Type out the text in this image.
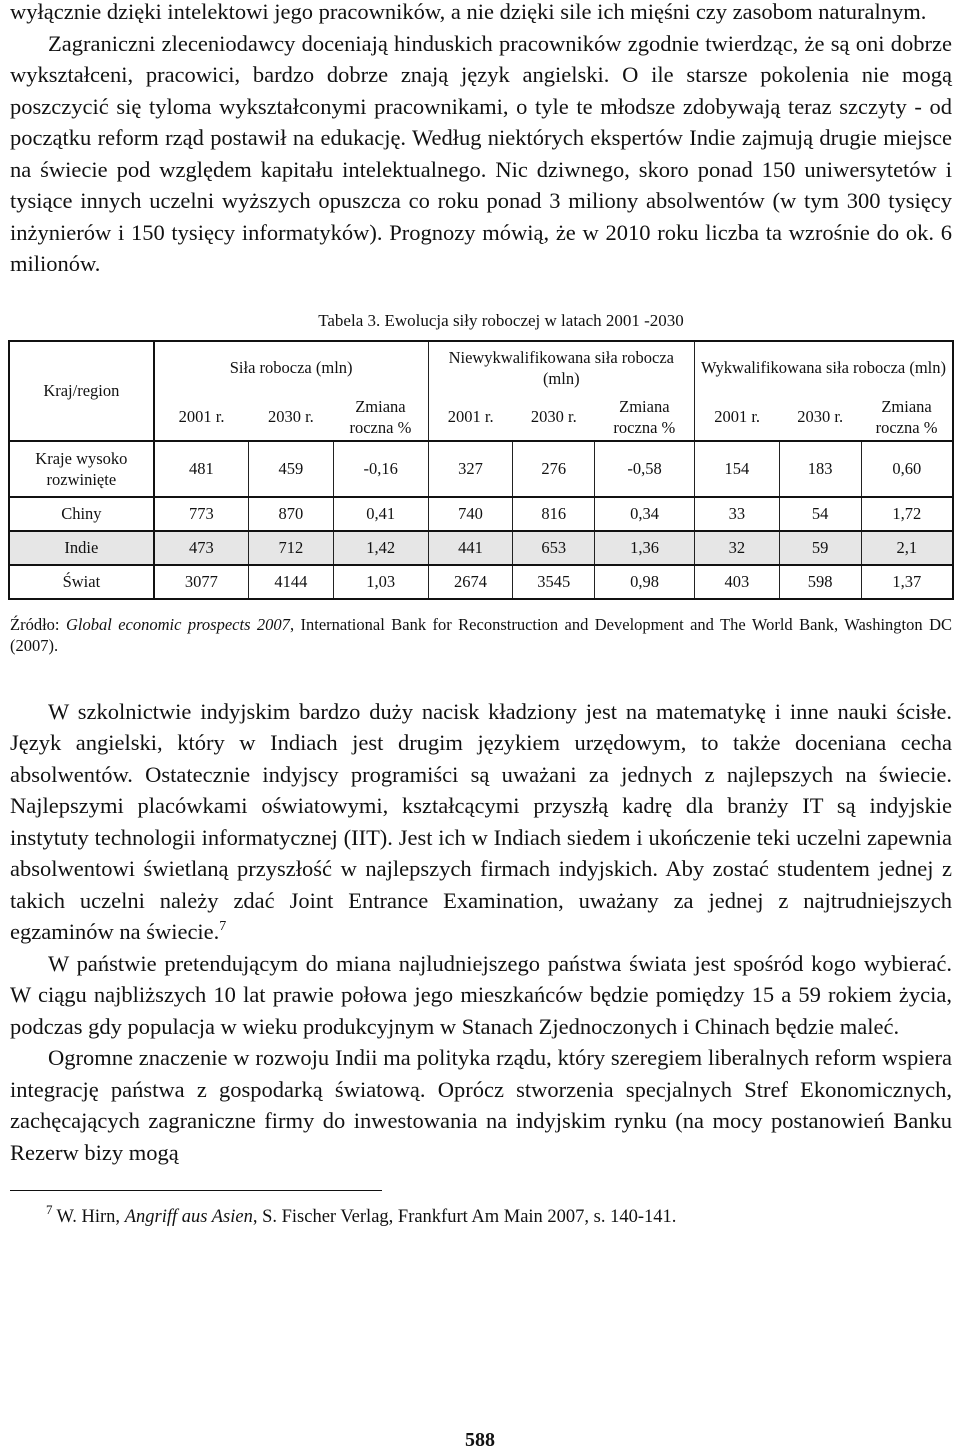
wyłącznie dzięki intelektowi jego pracowników, a nie dzięki sile ich mięśni czy zasobom naturalnym.

Zagraniczni zleceniodawcy doceniają hinduskich pracowników zgodnie twierdząc, że są oni dobrze wykształceni, pracowici, bardzo dobrze znają język angielski. O ile starsze pokolenia nie mogą poszczycić się tyloma wykształconymi pracownikami, o tyle te młodsze zdobywają teraz szczyty - od początku reform rząd postawił na edukację. Według niektórych ekspertów Indie zajmują drugie miejsce na świecie pod względem kapitału intelektualnego. Nic dziwnego, skoro ponad 150 uniwersytetów i tysiące innych uczelni wyższych opuszcza co roku ponad 3 miliony absolwentów (w tym 300 tysięcy inżynierów i 150 tysięcy informatyków). Prognozy mówią, że w 2010 roku liczba ta wzrośnie do ok. 6 milionów.

Tabela 3. Ewolucja siły roboczej w latach 2001 -2030
Kraj/region	Siła robocza (mln)			Niewykwalifikowana siła robocza (mln)			Wykwalifikowana siła robocza (mln)		
	2001 r.	2030 r.	Zmiana roczna %	2001 r.	2030 r.	Zmiana roczna %	2001 r.	2030 r.	Zmiana roczna %
Kraje wysoko rozwinięte	481	459	-0,16	327	276	-0,58	154	183	0,60
Chiny	773	870	0,41	740	816	0,34	33	54	1,72
Indie	473	712	1,42	441	653	1,36	32	59	2,1
Świat	3077	4144	1,03	2674	3545	0,98	403	598	1,37
Źródło: Global economic prospects 2007, International Bank for Reconstruction and Development and The World Bank, Washington DC (2007).

W szkolnictwie indyjskim bardzo duży nacisk kładziony jest na matematykę i inne nauki ścisłe. Język angielski, który w Indiach jest drugim językiem urzędowym, to także doceniana cecha absolwentów. Ostatecznie indyjscy programiści są uważani za jednych z najlepszych na świecie. Najlepszymi placówkami oświatowymi, kształcącymi przyszłą kadrę dla branży IT są indyjskie instytuty technologii informatycznej (IIT). Jest ich w Indiach siedem i ukończenie teki uczelni zapewnia absolwentowi świetlaną przyszłość w najlepszych firmach indyjskich. Aby zostać studentem jednej z takich uczelni należy zdać Joint Entrance Examination, uważany za jednej z najtrudniejszych egzaminów na świecie.$^7$

W państwie pretendującym do miana najludniejszego państwa świata jest spośród kogo wybierać. W ciągu najbliższych 10 lat prawie połowa jego mieszkańców będzie pomiędzy 15 a 59 rokiem życia, podczas gdy populacja w wieku produkcyjnym w Stanach Zjednoczonych i Chinach będzie maleć.

Ogromne znaczenie w rozwoju Indii ma polityka rządu, który szeregiem liberalnych reform wspiera integrację państwa z gospodarką światową. Oprócz stworzenia specjalnych Stref Ekonomicznych, zachęcających zagraniczne firmy do inwestowania na indyjskim rynku (na mocy postanowień Banku Rezerw bizy mogą

$^7$ W. Hirn, Angriff aus Asien, S. Fischer Verlag, Frankfurt Am Main 2007, s. 140-141.
588
